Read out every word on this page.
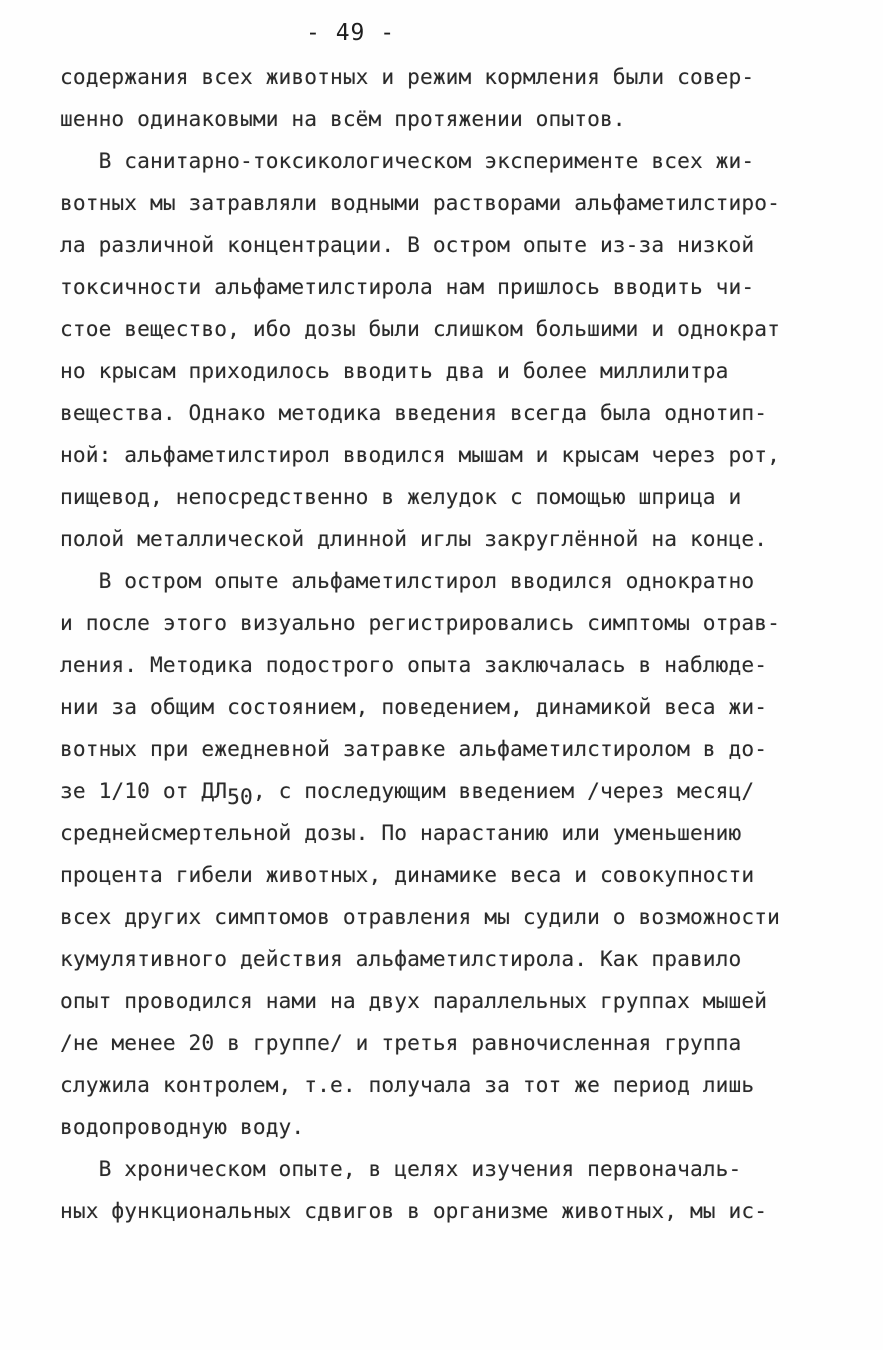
- 49 -
содержания всех животных и режим кормления были совер-
шенно одинаковыми на всём протяжении опытов.
В санитарно-токсикологическом эксперименте всех жи-
вотных мы затравляли водными растворами альфаметилстиро-
ла различной концентрации. В остром опыте из-за низкой
токсичности альфаметилстирола нам пришлось вводить чи-
стое вещество, ибо дозы были слишком большими и однократ
но крысам приходилось вводить два и более миллилитра
вещества. Однако методика введения всегда была однотип-
ной: альфаметилстирол вводился мышам и крысам через рот,
пищевод, непосредственно в желудок с помощью шприца и
полой металлической длинной иглы закруглённой на конце.
В остром опыте альфаметилстирол вводился однократно
и после этого визуально регистрировались симптомы отрав-
ления. Методика подострого опыта заключалась в наблюде-
нии за общим состоянием, поведением, динамикой веса жи-
вотных при ежедневной затравке альфаметилстиролом в до-
зе 1/10 от ДЛ50, с последующим введением /через месяц/
среднейсмертельной дозы. По нарастанию или уменьшению
процента гибели животных, динамике веса и совокупности
всех других симптомов отравления мы судили о возможности
кумулятивного действия альфаметилстирола. Как правило
опыт проводился нами на двух параллельных группах мышей
/не менее 20 в группе/ и третья равночисленная группа
служила контролем, т.е. получала за тот же период лишь
водопроводную воду.
В хроническом опыте, в целях изучения первоначаль-
ных функциональных сдвигов в организме животных, мы ис-
